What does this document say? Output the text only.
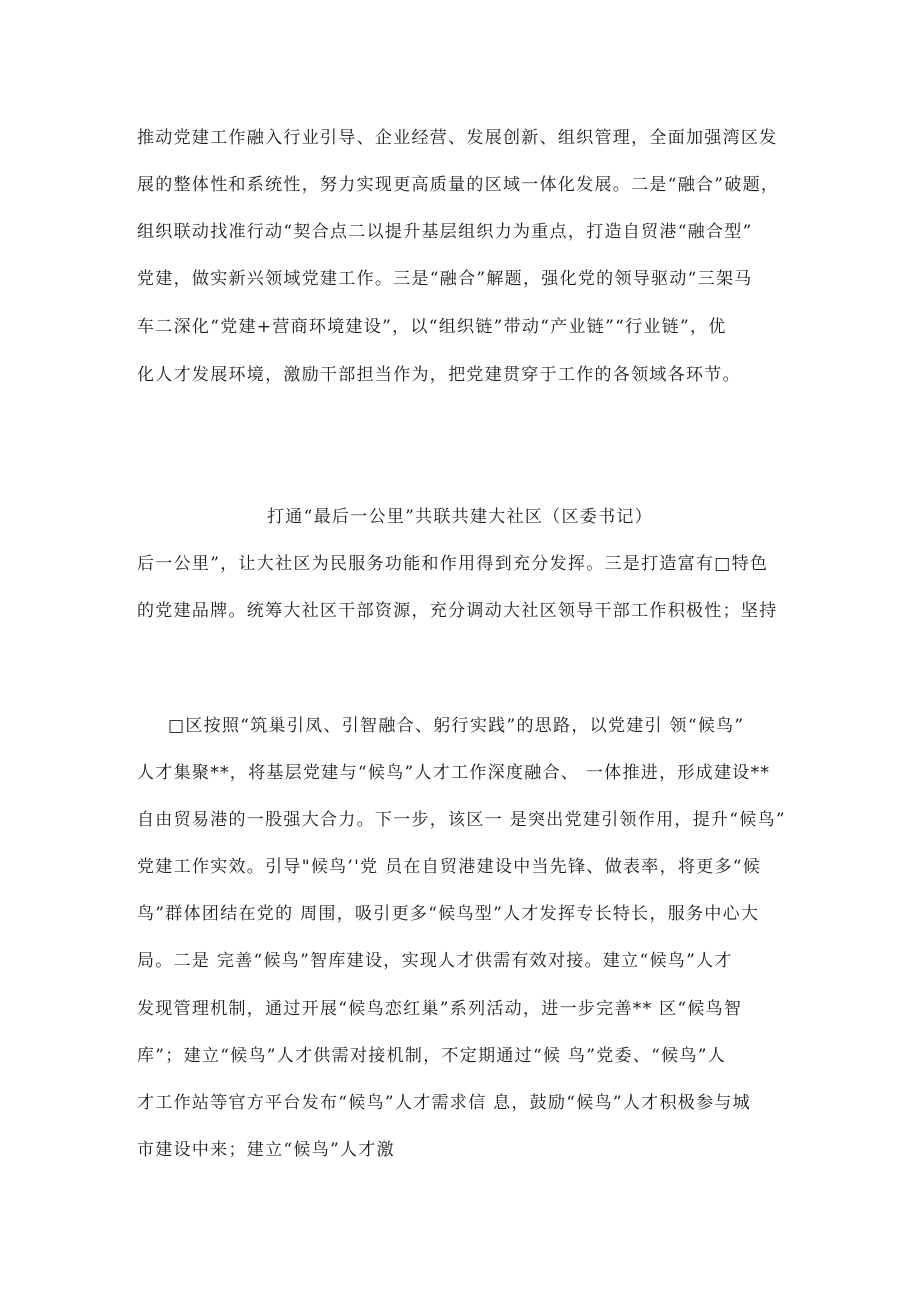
推动党建工作融入行业引导、企业经营、发展创新、组织管理，全面加强湾区发
展的整体性和系统性，努力实现更高质量的区域一体化发展。二是“融合”破题，
组织联动找准行动“契合点二以提升基层组织力为重点，打造自贸港“融合型”
党建，做实新兴领域党建工作。三是“融合”解题，强化党的领导驱动“三架马
车二深化“党建+营商环境建设”，以“组织链”带动“产业链”“行业链”，优
化人才发展环境，激励干部担当作为，把党建贯穿于工作的各领域各环节。
打通“最后一公里”共联共建大社区（区委书记）
后一公里”，让大社区为民服务功能和作用得到充分发挥。三是打造富有□特色
的党建品牌。统筹大社区干部资源，充分调动大社区领导干部工作积极性；坚持
□区按照“筑巢引凤、引智融合、躬行实践”的思路，以党建引 领“候鸟”
人才集聚**，将基层党建与“候鸟”人才工作深度融合、 一体推进，形成建设**
自由贸易港的一股强大合力。下一步，该区一 是突出党建引领作用，提升“候鸟”
党建工作实效。引导"候鸟’'党 员在自贸港建设中当先锋、做表率，将更多“候
鸟”群体团结在党的 周围，吸引更多“候鸟型”人才发挥专长特长，服务中心大
局。二是 完善“候鸟”智库建设，实现人才供需有效对接。建立“候鸟”人才
发现管理机制，通过开展“候鸟恋红巢”系列活动，进一步完善** 区“候鸟智
库”；建立“候鸟”人才供需对接机制，不定期通过“候 鸟”党委、“候鸟”人
才工作站等官方平台发布“候鸟”人才需求信 息，鼓励“候鸟”人才积极参与城
市建设中来；建立“候鸟”人才激
